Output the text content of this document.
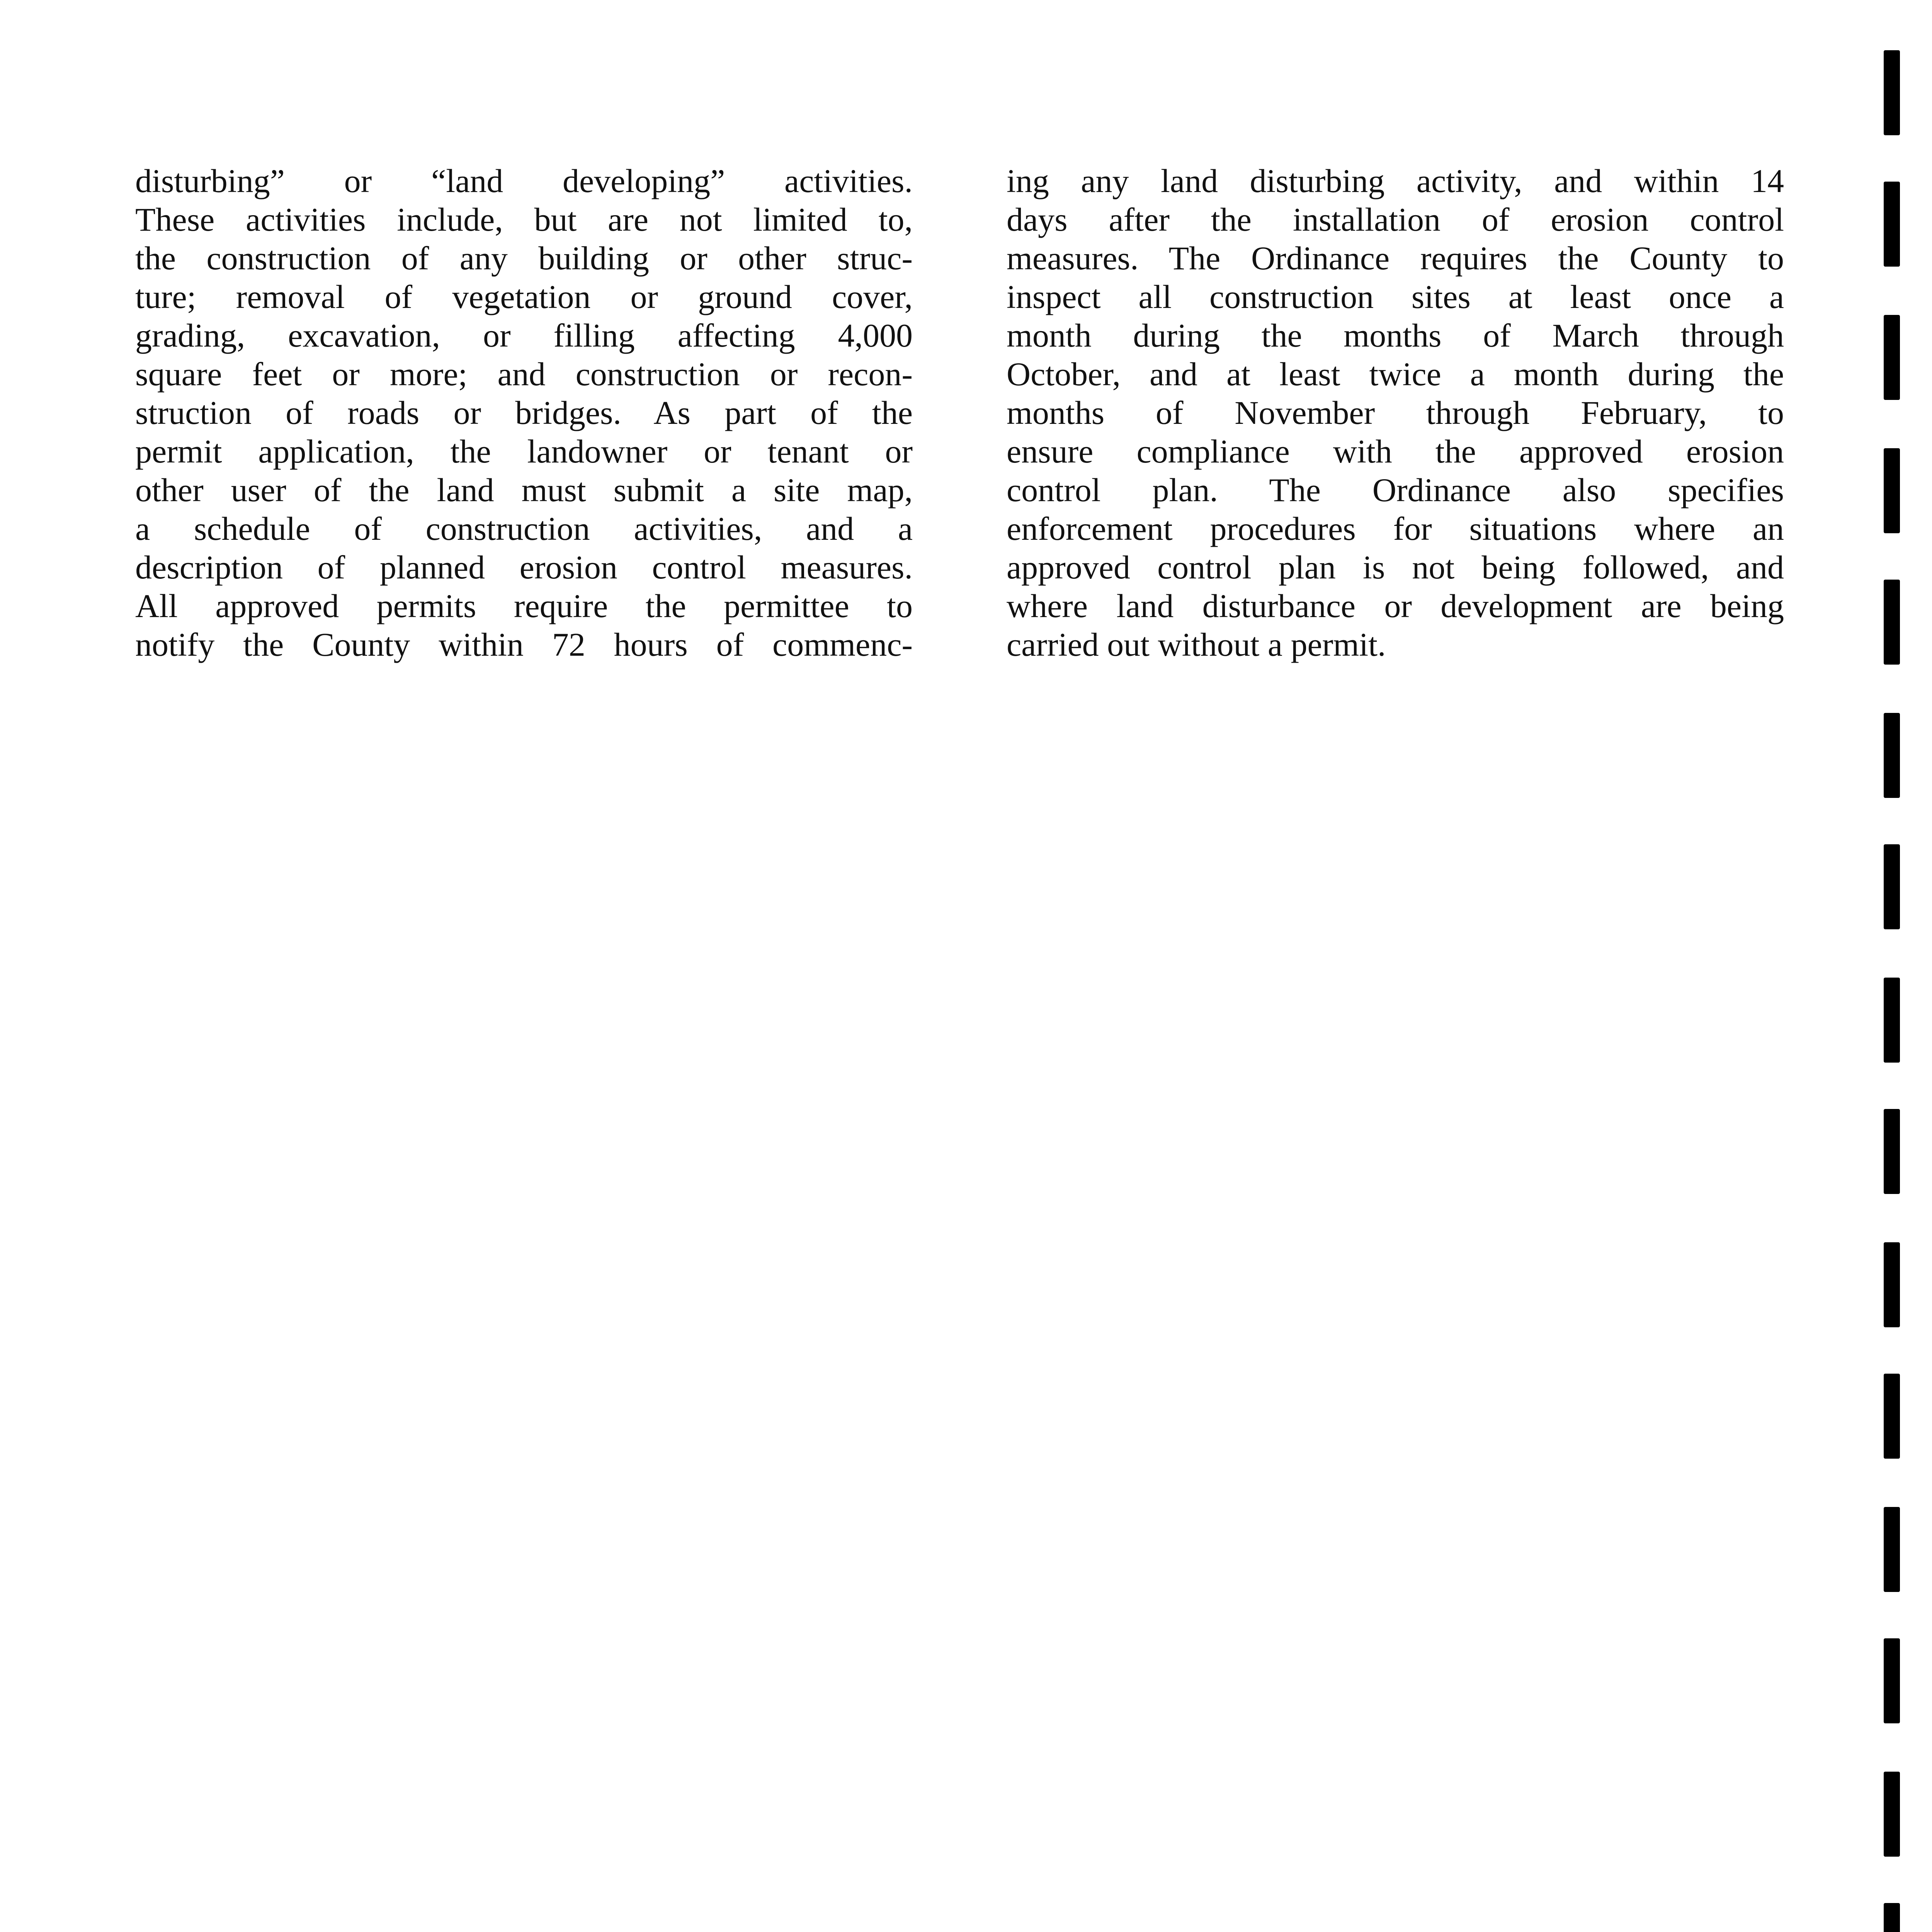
disturbing” or “land developing” activities.
These activities include, but are not limited to,
the construction of any building or other struc-
ture; removal of vegetation or ground cover,
grading, excavation, or filling affecting 4,000
square feet or more; and construction or recon-
struction of roads or bridges. As part of the
permit application, the landowner or tenant or
other user of the land must submit a site map,
a schedule of construction activities, and a
description of planned erosion control measures.
All approved permits require the permittee to
notify the County within 72 hours of commenc-
ing any land disturbing activity, and within 14
days after the installation of erosion control
measures. The Ordinance requires the County to
inspect all construction sites at least once a
month during the months of March through
October, and at least twice a month during the
months of November through February, to
ensure compliance with the approved erosion
control plan. The Ordinance also specifies
enforcement procedures for situations where an
approved control plan is not being followed, and
where land disturbance or development are being
carried out without a permit.
